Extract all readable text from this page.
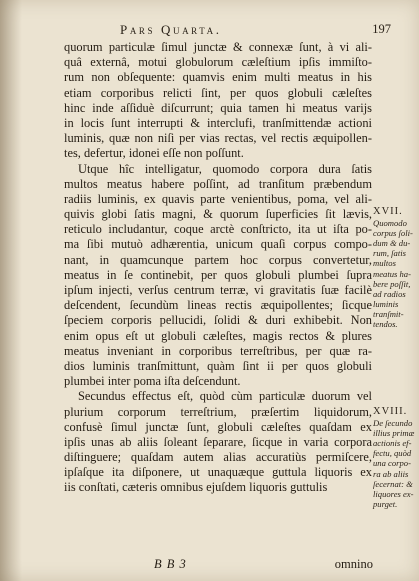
Pars Quarta.	197
quorum particulæ ſimul junctæ & connexæ ſunt, à vi ali-
quâ externâ, motui globulorum cæleſtium ipſis immiſto-
rum non obſequente: quamvis enim multi meatus in his
etiam corporibus relicti ſint, per quos globuli cæleſtes
hinc inde aſſiduè diſcurrunt; quia tamen hi meatus varijs
in locis ſunt interrupti & interclufi, tranſmittendæ actioni
luminis, quæ non niſi per vias rectas, vel rectis æquipollen-
tes, defertur, idonei eſſe non poſſunt.
Utque hîc intelligatur, quomodo corpora dura ſatis
multos meatus habere poſſint, ad tranſitum præbendum
radiis luminis, ex quavis parte venientibus, poma, vel ali-
quivis globi ſatis magni, & quorum ſuperficies ſit lævis,
reticulo includantur, coque arctè conſtricto, ita ut iſta po-
ma ſibi mutuò adhærentia, unicum quaſi corpus compo-
nant, in quamcunque partem hoc corpus convertetur,
meatus in ſe continebit, per quos globuli plumbei ſupra
ipſum injecti, verſus centrum terræ, vi gravitatis ſuæ facilè
deſcendent, ſecundùm lineas rectis æquipollentes; ſicque
ſpeciem corporis pellucidi, ſolidi & duri exhibebit. Non
enim opus eſt ut globuli cæleſtes, magis rectos & plures
meatus inveniant in corporibus terreſtribus, per quæ ra-
dios luminis tranſmittunt, quàm ſint ii per quos globuli
plumbei inter poma iſta deſcendunt.
Secundus effectus eſt, quòd cùm particulæ duorum vel
plurium corporum terreſtrium, præſertim liquidorum,
confusè ſimul junctæ ſunt, globuli cæleſtes quaſdam ex
ipſis unas ab aliis ſoleant ſeparare, ſicque in varia corpora
diſtinguere; quaſdam autem alias accuratiùs permiſcere,
ipſaſque ita diſponere, ut unaquæque guttula liquoris ex
iis conſtati, cæteris omnibus ejuſdem liquoris guttulis
XVII.
Quomodo
corpus ſoli-
dum & du-
rum, ſatis
multos
meatus ha-
bere poſſit,
ad radios
luminis
tranſmit-
tendos.
XVIII.
De ſecundo
illius primæ
actionis ef-
fectu, quòd
una corpo-
ra ab aliis
ſecernat: &
liquores ex-
purget.
B B 3	omnino
